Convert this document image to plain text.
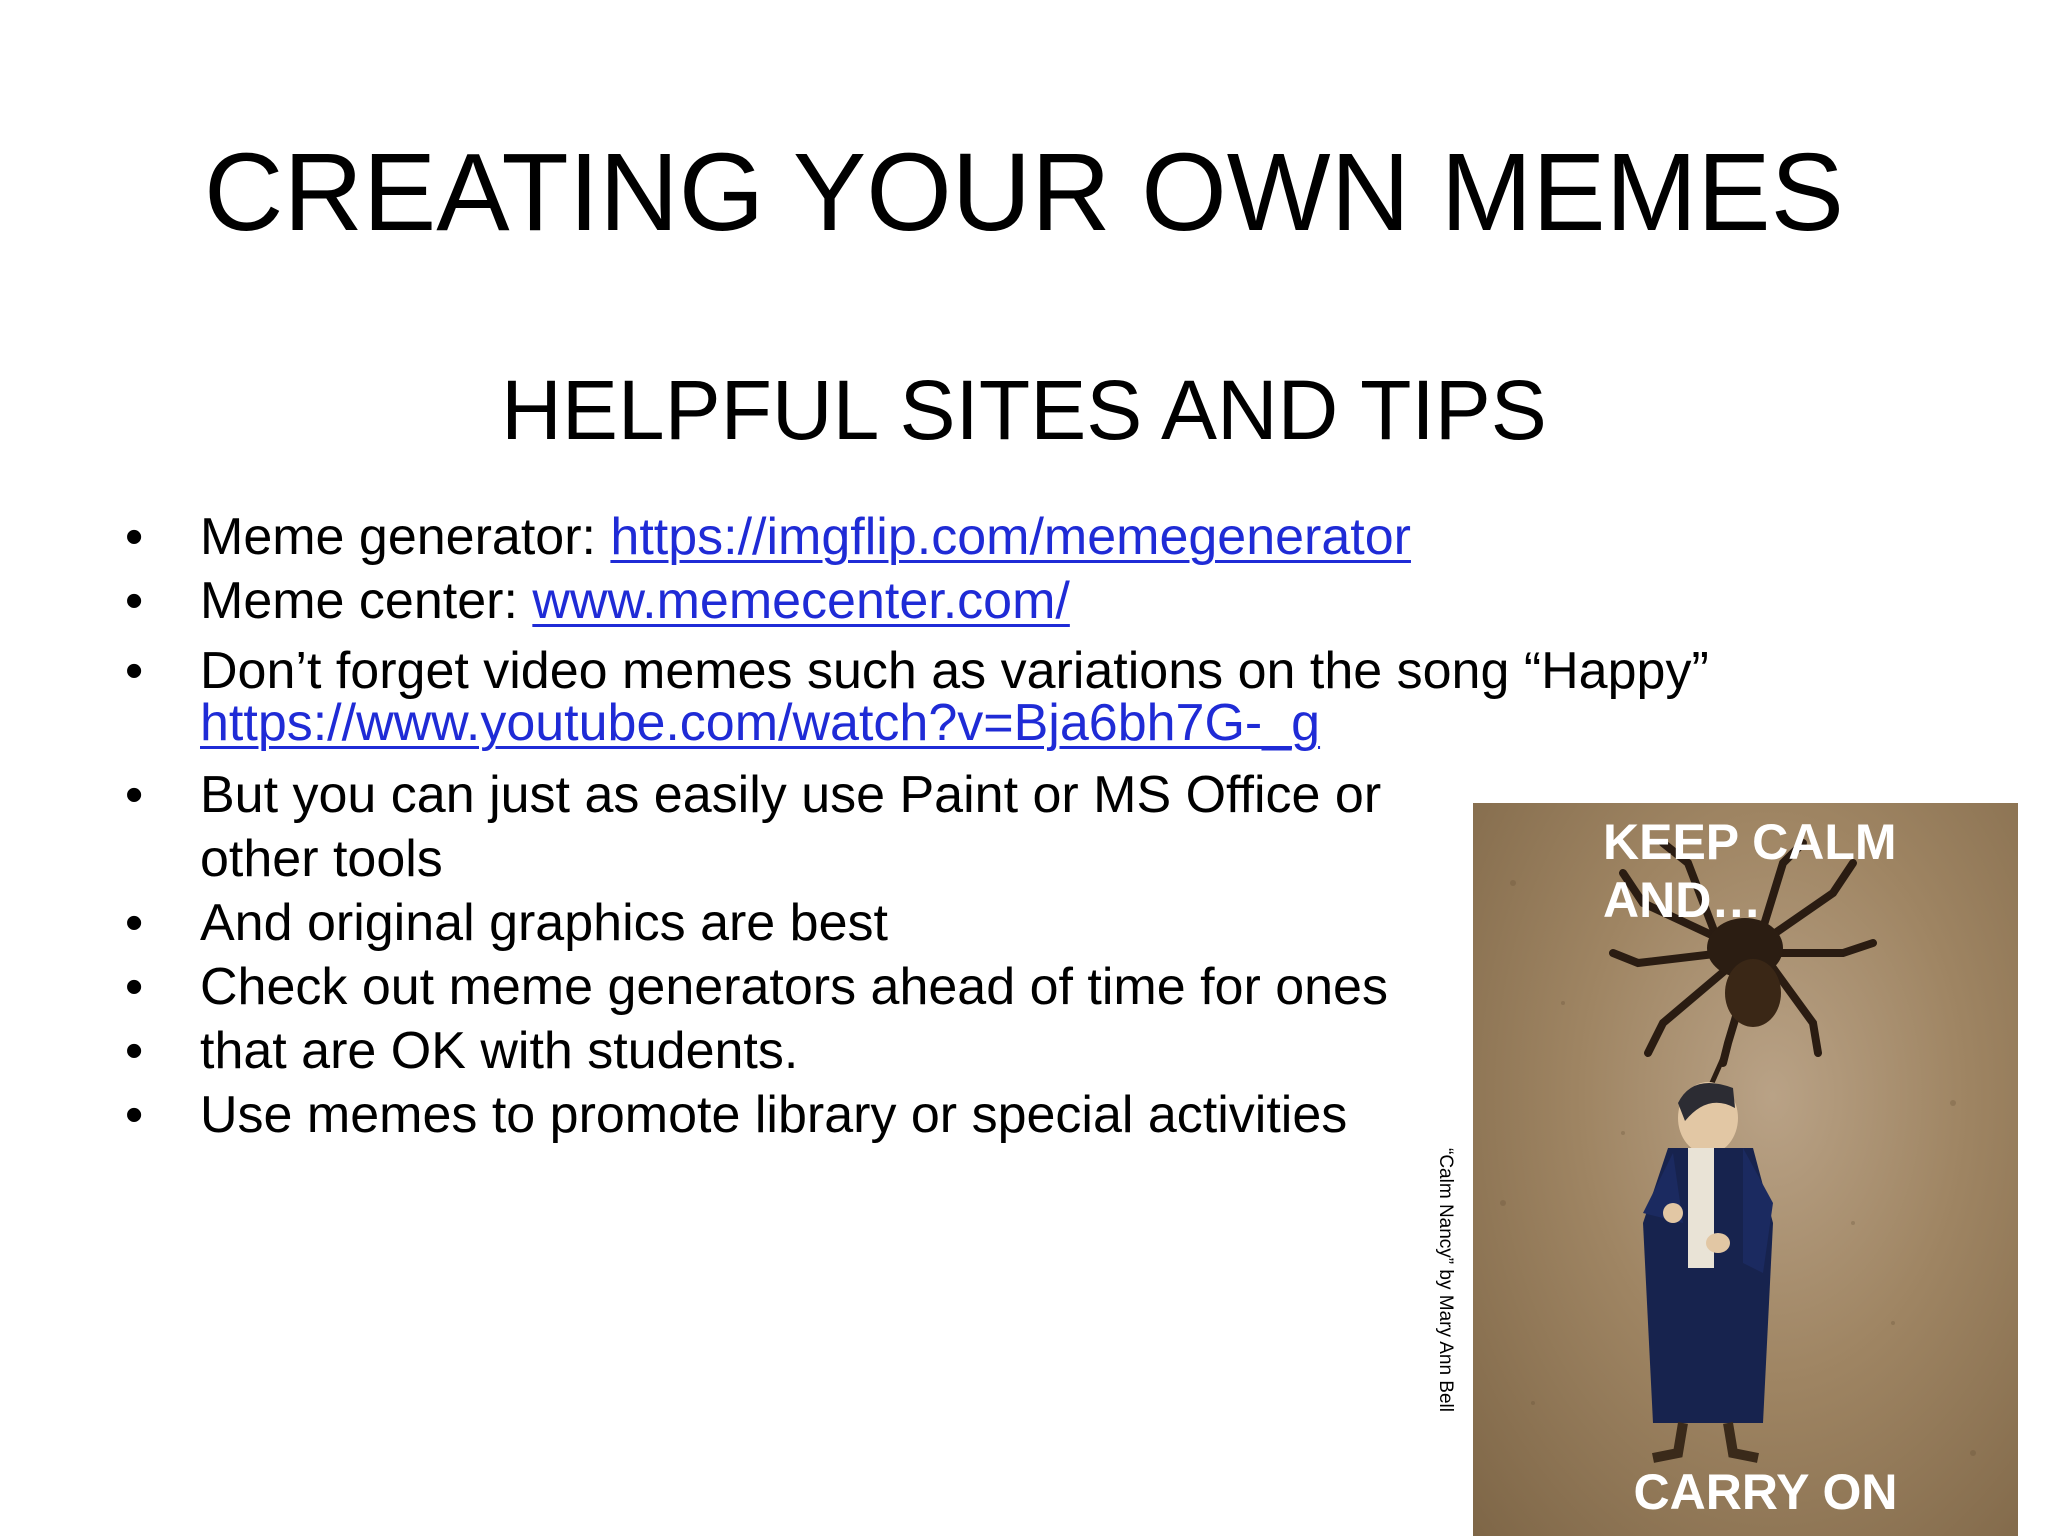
CREATING YOUR OWN MEMES
HELPFUL SITES AND TIPS
• Meme generator: https://imgflip.com/memegenerator
• Meme center: www.memecenter.com/
• Don’t forget video memes such as variations on the song “Happy”
https://www.youtube.com/watch?v=Bja6bh7G-_g
• But you can just as easily use Paint or MS Office or
other tools
• And original graphics are best
• Check out meme generators ahead of time for ones
• that are OK with students.
• Use memes to promote library or special activities
“Calm Nancy” by Mary Ann Bell
KEEP CALM
AND…
CARRY ON
